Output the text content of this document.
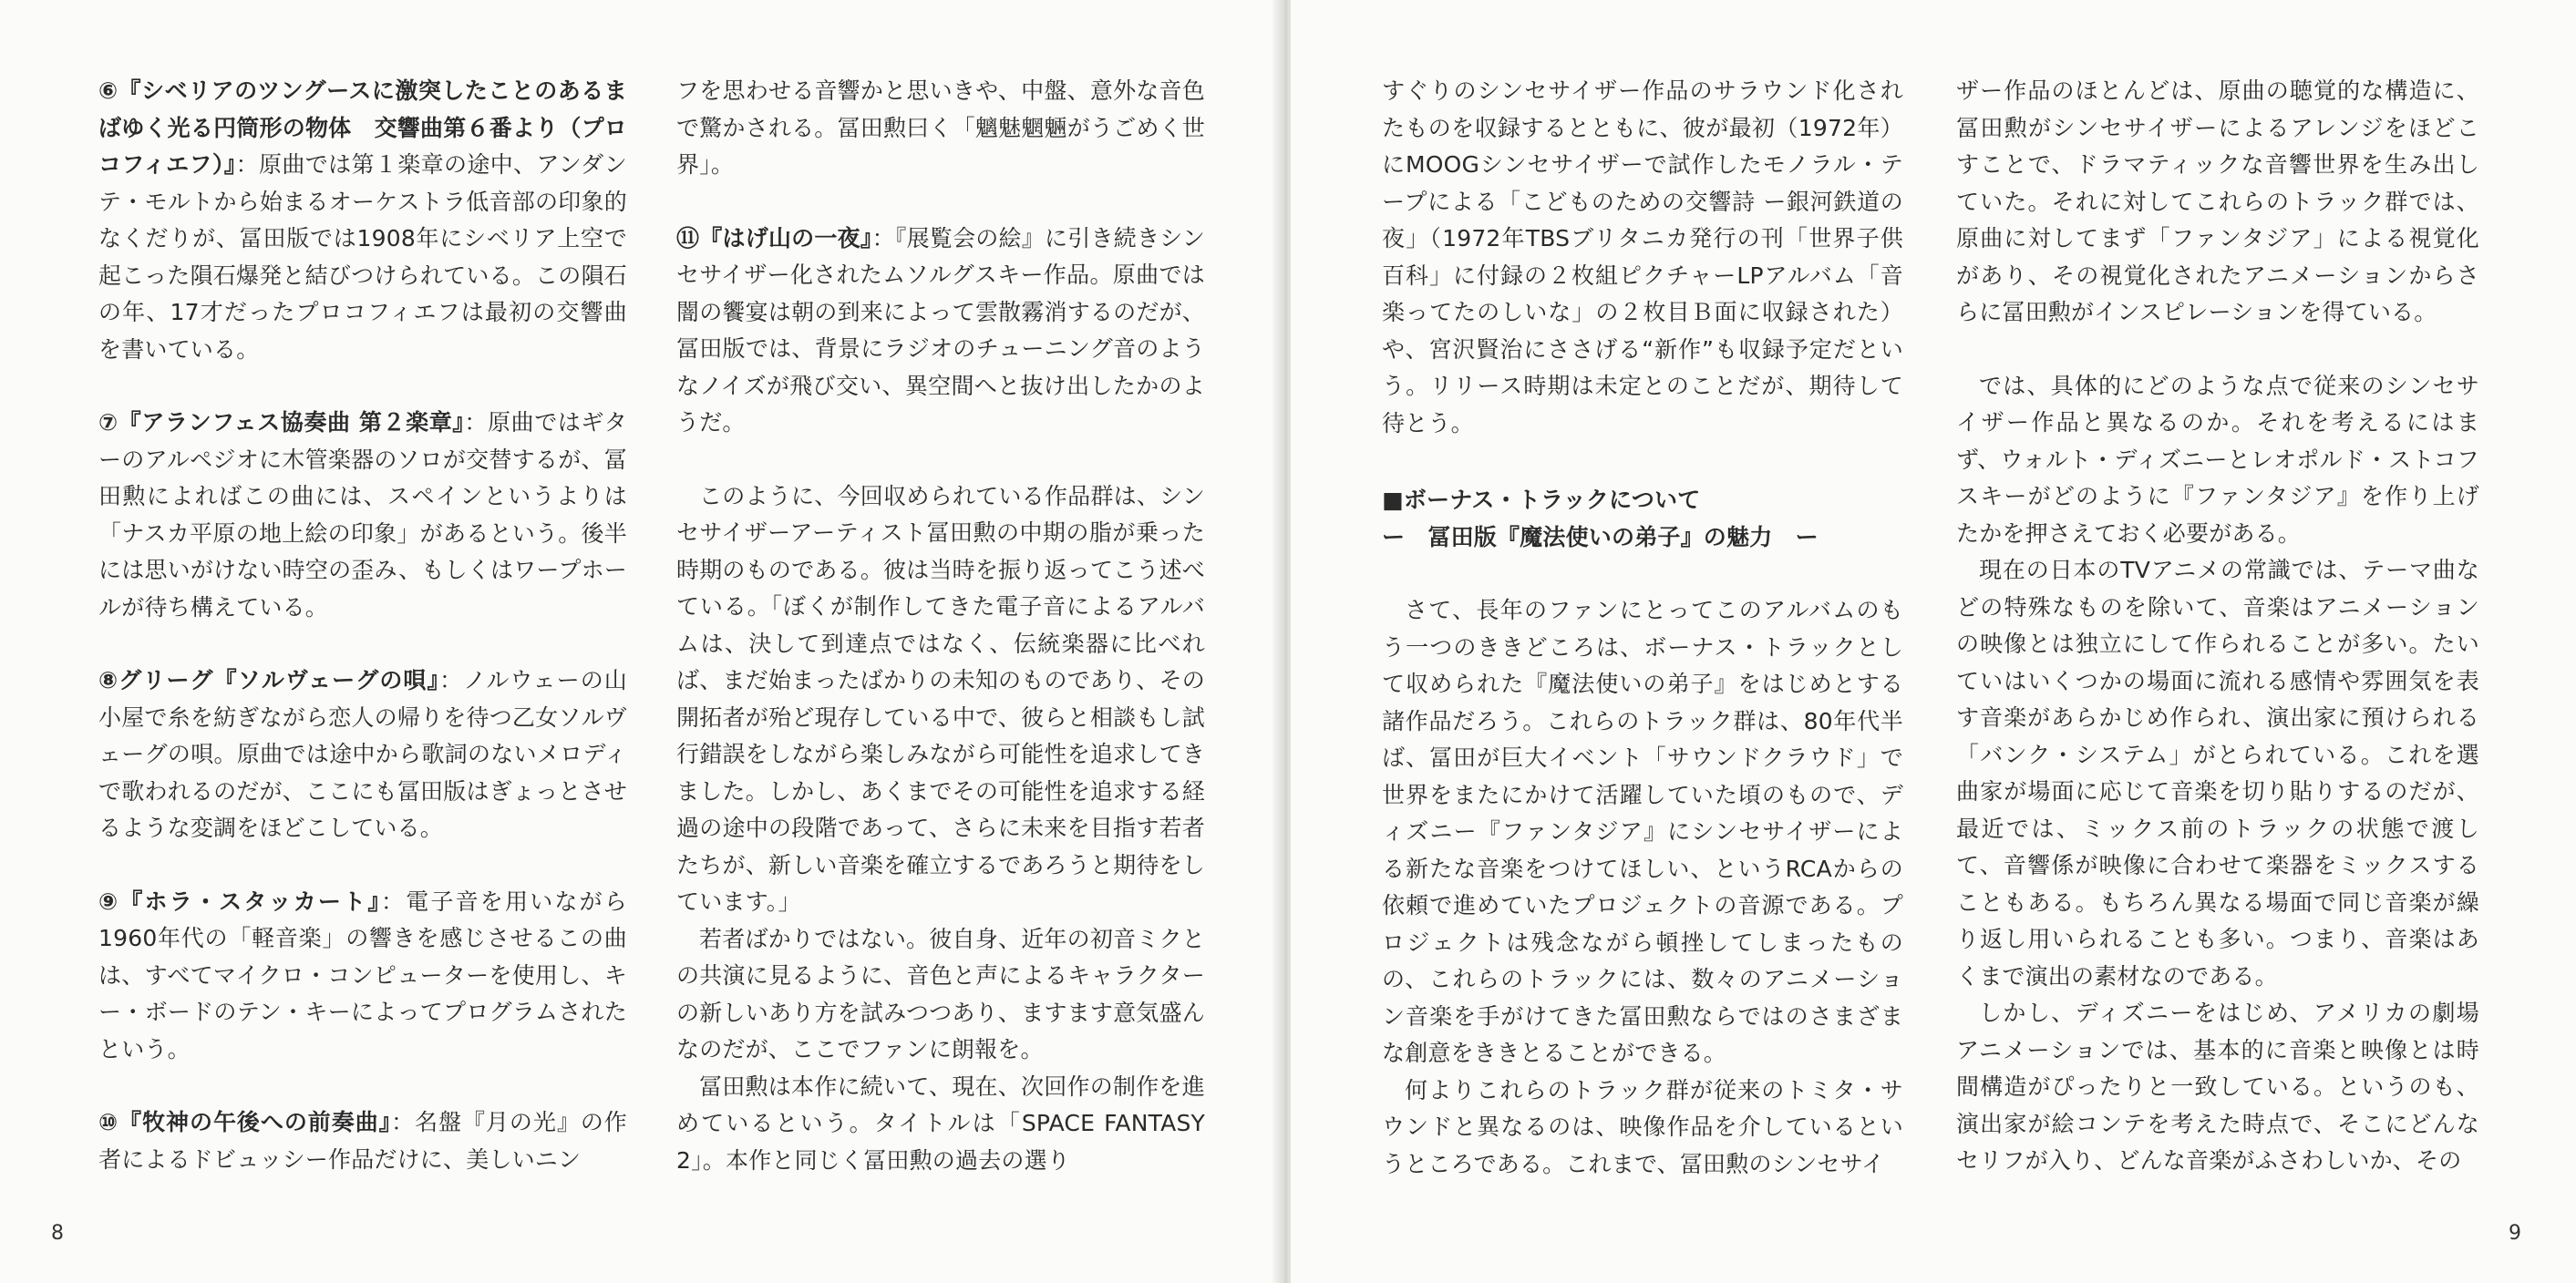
⑥『シベリアのツングースに激突したことのあるまばゆく光る円筒形の物体　交響曲第６番より（プロコフィエフ）』：原曲では第１楽章の途中、アンダンテ・モルトから始まるオーケストラ低音部の印象的なくだりが、冨田版では1908年にシベリア上空で起こった隕石爆発と結びつけられている。この隕石の年、17才だったプロコフィエフは最初の交響曲を書いている。

⑦『アランフェス協奏曲 第２楽章』：原曲ではギターのアルペジオに木管楽器のソロが交替するが、冨田勲によればこの曲には、スペインというよりは「ナスカ平原の地上絵の印象」があるという。後半には思いがけない時空の歪み、もしくはワープホールが待ち構えている。

⑧グリーグ『ソルヴェーグの唄』：ノルウェーの山小屋で糸を紡ぎながら恋人の帰りを待つ乙女ソルヴェーグの唄。原曲では途中から歌詞のないメロディで歌われるのだが、ここにも冨田版はぎょっとさせるような変調をほどこしている。

⑨『ホラ・スタッカート』：電子音を用いながら1960年代の「軽音楽」の響きを感じさせるこの曲は、すべてマイクロ・コンピューターを使用し、キー・ボードのテン・キーによってプログラムされたという。

⑩『牧神の午後への前奏曲』：名盤『月の光』の作者によるドビュッシー作品だけに、美しいニン

フを思わせる音響かと思いきや、中盤、意外な音色で驚かされる。冨田勲曰く「魑魅魍魎がうごめく世界」。

⑪『はげ山の一夜』：『展覧会の絵』に引き続きシンセサイザー化されたムソルグスキー作品。原曲では闇の饗宴は朝の到来によって雲散霧消するのだが、冨田版では、背景にラジオのチューニング音のようなノイズが飛び交い、異空間へと抜け出したかのようだ。

このように、今回収められている作品群は、シンセサイザーアーティスト冨田勲の中期の脂が乗った時期のものである。彼は当時を振り返ってこう述べている。「ぼくが制作してきた電子音によるアルバムは、決して到達点ではなく、伝統楽器に比べれば、まだ始まったばかりの未知のものであり、その開拓者が殆ど現存している中で、彼らと相談もし試行錯誤をしながら楽しみながら可能性を追求してきました。しかし、あくまでその可能性を追求する経過の途中の段階であって、さらに未来を目指す若者たちが、新しい音楽を確立するであろうと期待をしています。」

若者ばかりではない。彼自身、近年の初音ミクとの共演に見るように、音色と声によるキャラクターの新しいあり方を試みつつあり、ますます意気盛んなのだが、ここでファンに朗報を。

冨田勲は本作に続いて、現在、次回作の制作を進めているという。タイトルは「SPACE FANTASY 2」。本作と同じく冨田勲の過去の選り

8

すぐりのシンセサイザー作品のサラウンド化されたものを収録するとともに、彼が最初（1972年）にMOOGシンセサイザーで試作したモノラル・テープによる「こどものための交響詩 ー銀河鉄道の夜」（1972年TBSブリタニカ発行の刊「世界子供百科」に付録の２枚組ピクチャーLPアルバム「音楽ってたのしいな」の２枚目Ｂ面に収録された）や、宮沢賢治にささげる“新作”も収録予定だという。リリース時期は未定とのことだが、期待して待とう。

■ボーナス・トラックについて
ー　冨田版『魔法使いの弟子』の魅力　ー

さて、長年のファンにとってこのアルバムのもう一つのききどころは、ボーナス・トラックとして収められた『魔法使いの弟子』をはじめとする諸作品だろう。これらのトラック群は、80年代半ば、冨田が巨大イベント「サウンドクラウド」で世界をまたにかけて活躍していた頃のもので、ディズニー『ファンタジア』にシンセサイザーによる新たな音楽をつけてほしい、というRCAからの依頼で進めていたプロジェクトの音源である。プロジェクトは残念ながら頓挫してしまったものの、これらのトラックには、数々のアニメーション音楽を手がけてきた冨田勲ならではのさまざまな創意をききとることができる。

何よりこれらのトラック群が従来のトミタ・サウンドと異なるのは、映像作品を介しているというところである。これまで、冨田勲のシンセサイ

ザー作品のほとんどは、原曲の聴覚的な構造に、冨田勲がシンセサイザーによるアレンジをほどこすことで、ドラマティックな音響世界を生み出していた。それに対してこれらのトラック群では、原曲に対してまず「ファンタジア」による視覚化があり、その視覚化されたアニメーションからさらに冨田勲がインスピレーションを得ている。

では、具体的にどのような点で従来のシンセサイザー作品と異なるのか。それを考えるにはまず、ウォルト・ディズニーとレオポルド・ストコフスキーがどのように『ファンタジア』を作り上げたかを押さえておく必要がある。

現在の日本のTVアニメの常識では、テーマ曲などの特殊なものを除いて、音楽はアニメーションの映像とは独立にして作られることが多い。たいていはいくつかの場面に流れる感情や雰囲気を表す音楽があらかじめ作られ、演出家に預けられる「バンク・システム」がとられている。これを選曲家が場面に応じて音楽を切り貼りするのだが、最近では、ミックス前のトラックの状態で渡して、音響係が映像に合わせて楽器をミックスすることもある。もちろん異なる場面で同じ音楽が繰り返し用いられることも多い。つまり、音楽はあくまで演出の素材なのである。

しかし、ディズニーをはじめ、アメリカの劇場アニメーションでは、基本的に音楽と映像とは時間構造がぴったりと一致している。というのも、演出家が絵コンテを考えた時点で、そこにどんなセリフが入り、どんな音楽がふさわしいか、その

9
